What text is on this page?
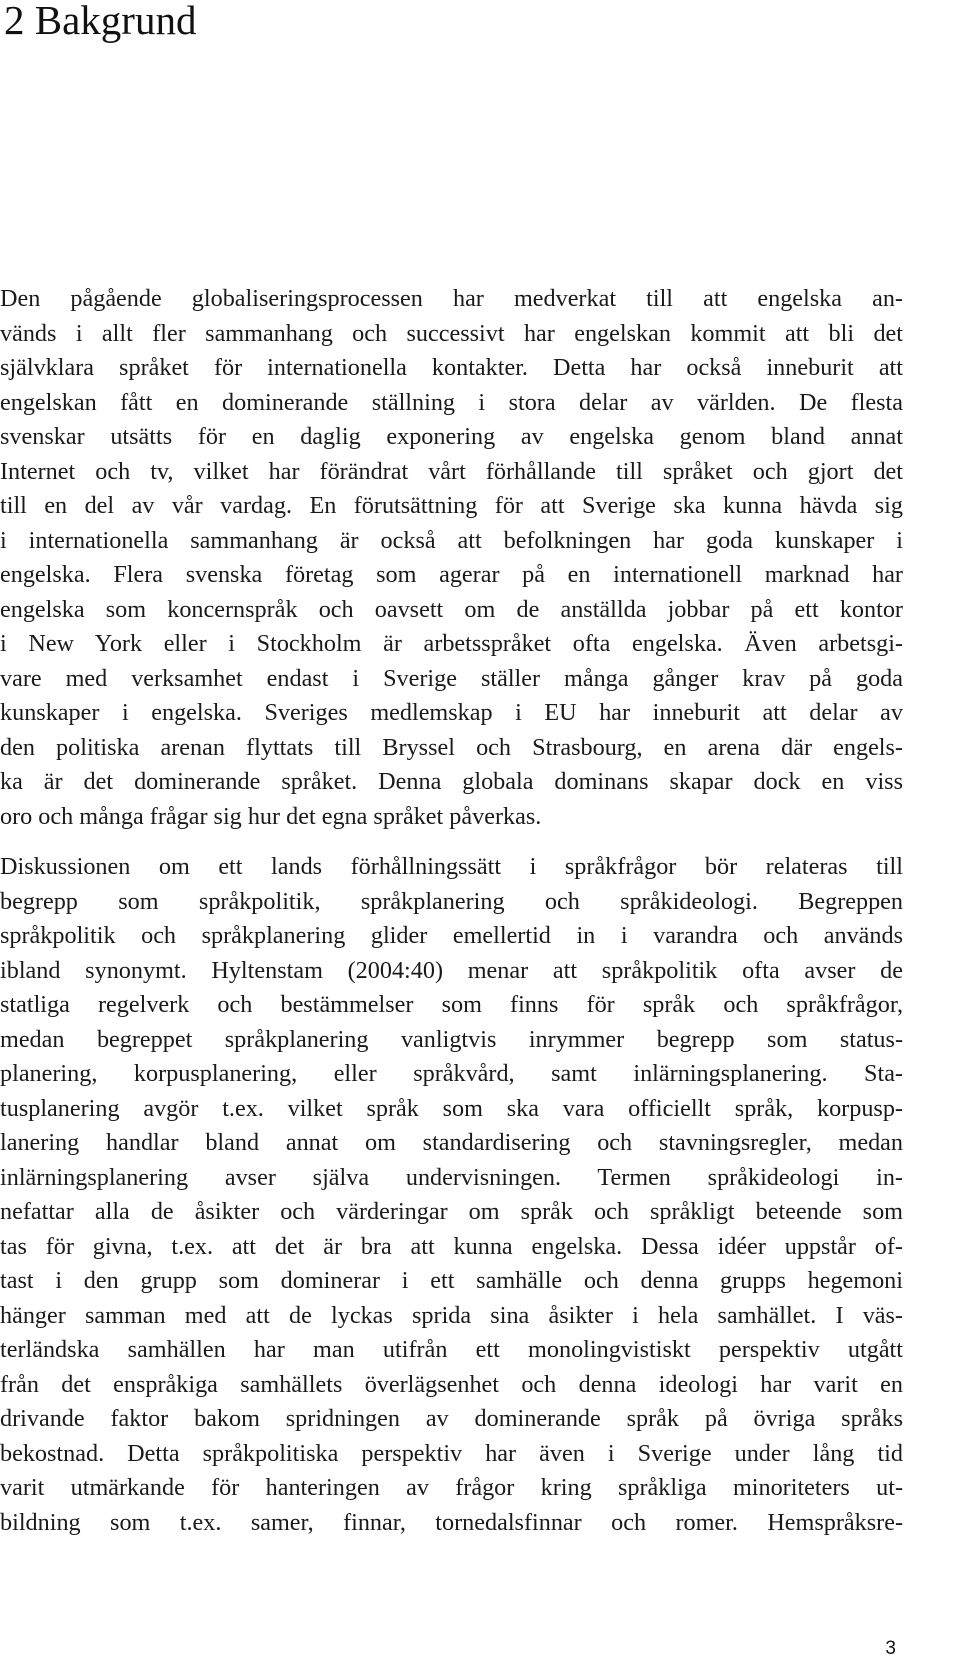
2 Bakgrund

Den pågående globaliseringsprocessen har medverkat till att engelska an-
vänds i allt fler sammanhang och successivt har engelskan kommit att bli det
självklara språket för internationella kontakter. Detta har också inneburit att
engelskan fått en dominerande ställning i stora delar av världen. De flesta
svenskar utsätts för en daglig exponering av engelska genom bland annat
Internet och tv, vilket har förändrat vårt förhållande till språket och gjort det
till en del av vår vardag. En förutsättning för att Sverige ska kunna hävda sig
i internationella sammanhang är också att befolkningen har goda kunskaper i
engelska. Flera svenska företag som agerar på en internationell marknad har
engelska som koncernspråk och oavsett om de anställda jobbar på ett kontor
i New York eller i Stockholm är arbetsspråket ofta engelska. Även arbetsgi-
vare med verksamhet endast i Sverige ställer många gånger krav på goda
kunskaper i engelska. Sveriges medlemskap i EU har inneburit att delar av
den politiska arenan flyttats till Bryssel och Strasbourg, en arena där engels-
ka är det dominerande språket. Denna globala dominans skapar dock en viss
oro och många frågar sig hur det egna språket påverkas.

Diskussionen om ett lands förhållningssätt i språkfrågor bör relateras till
begrepp som språkpolitik, språkplanering och språkideologi. Begreppen
språkpolitik och språkplanering glider emellertid in i varandra och används
ibland synonymt. Hyltenstam (2004:40) menar att språkpolitik ofta avser de
statliga regelverk och bestämmelser som finns för språk och språkfrågor,
medan begreppet språkplanering vanligtvis inrymmer begrepp som status-
planering, korpusplanering, eller språkvård, samt inlärningsplanering. Sta-
tusplanering avgör t.ex. vilket språk som ska vara officiellt språk, korpusp-
lanering handlar bland annat om standardisering och stavningsregler, medan
inlärningsplanering avser själva undervisningen. Termen språkideologi in-
nefattar alla de åsikter och värderingar om språk och språkligt beteende som
tas för givna, t.ex. att det är bra att kunna engelska. Dessa idéer uppstår of-
tast i den grupp som dominerar i ett samhälle och denna grupps hegemoni
hänger samman med att de lyckas sprida sina åsikter i hela samhället. I väs-
terländska samhällen har man utifrån ett monolingvistiskt perspektiv utgått
från det enspråkiga samhällets överlägsenhet och denna ideologi har varit en
drivande faktor bakom spridningen av dominerande språk på övriga språks
bekostnad. Detta språkpolitiska perspektiv har även i Sverige under lång tid
varit utmärkande för hanteringen av frågor kring språkliga minoriteters ut-
bildning som t.ex. samer, finnar, tornedalsfinnar och romer. Hemspråksre-

3
